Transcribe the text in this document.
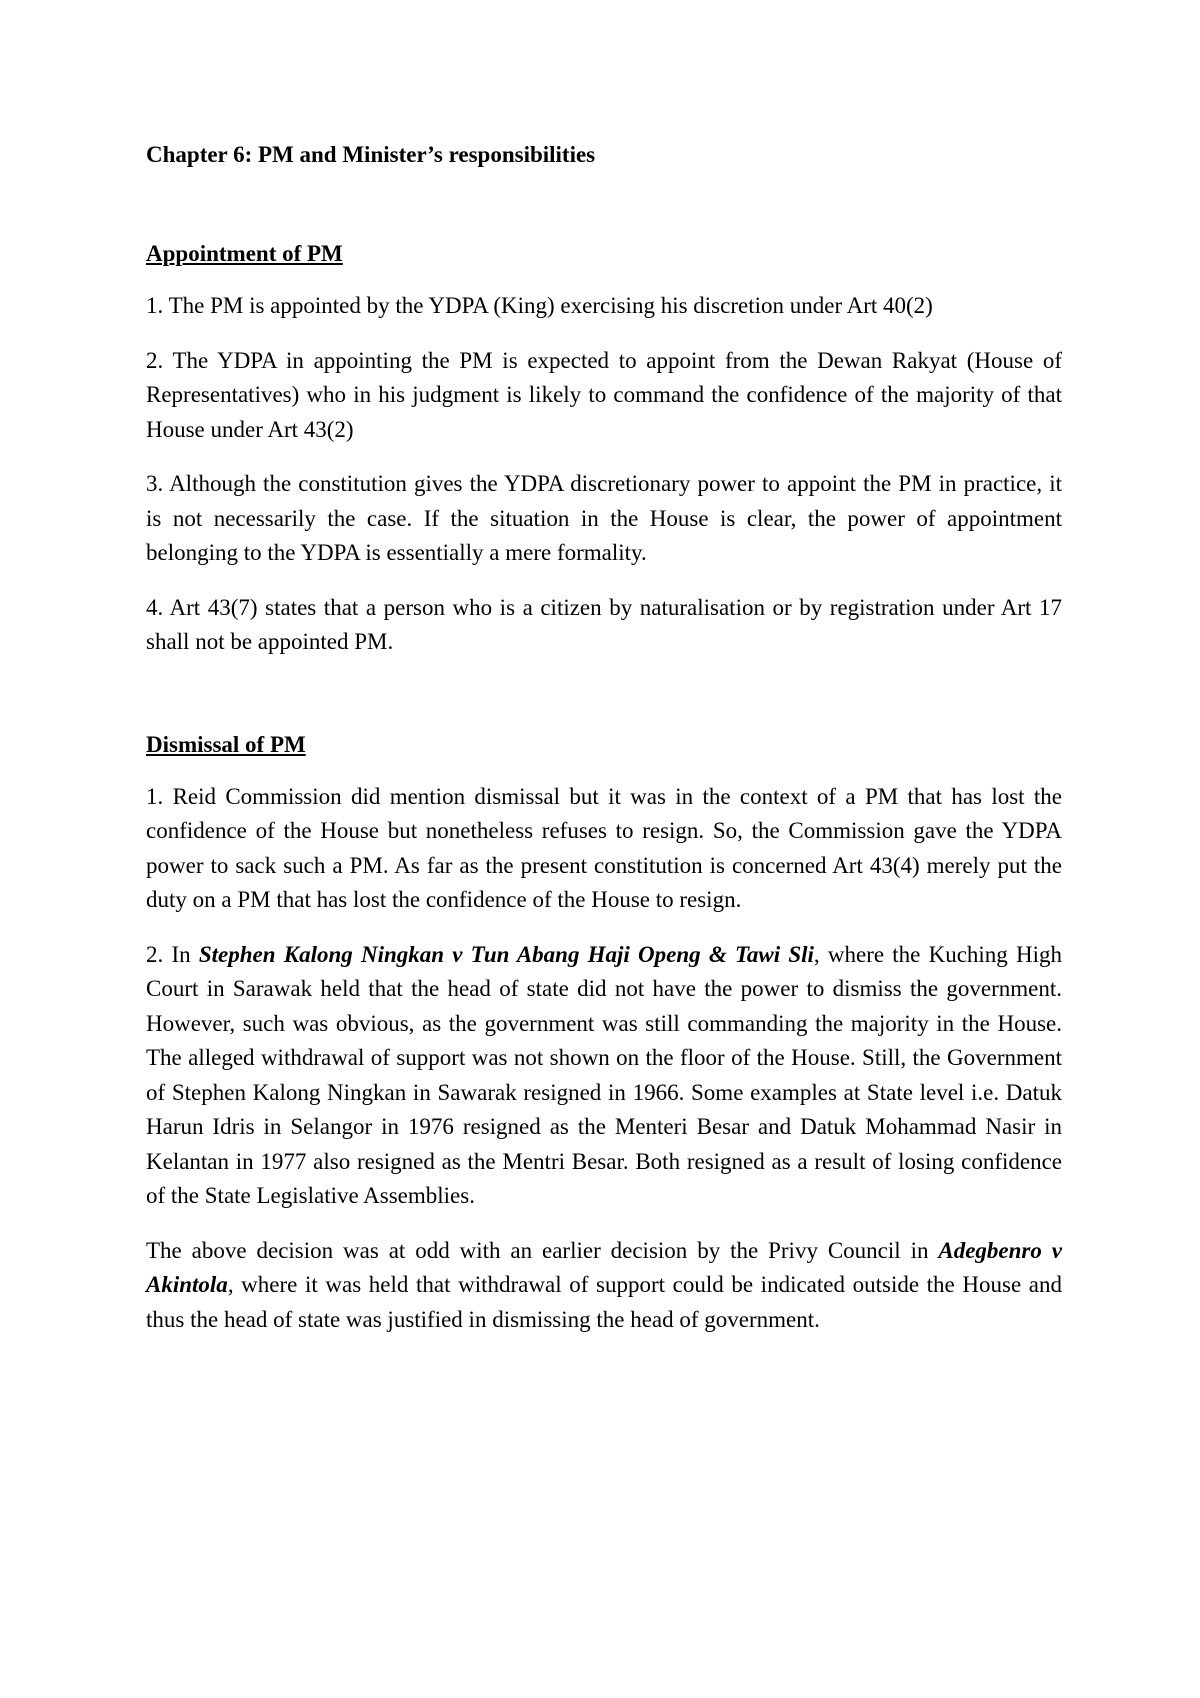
Chapter 6: PM and Minister’s responsibilities
Appointment of PM

1. The PM is appointed by the YDPA (King) exercising his discretion under Art 40(2)

2. The YDPA in appointing the PM is expected to appoint from the Dewan Rakyat (House of Representatives) who in his judgment is likely to command the confidence of the majority of that House under Art 43(2)

3. Although the constitution gives the YDPA discretionary power to appoint the PM in practice, it is not necessarily the case. If the situation in the House is clear, the power of appointment belonging to the YDPA is essentially a mere formality.

4. Art 43(7) states that a person who is a citizen by naturalisation or by registration under Art 17 shall not be appointed PM.

Dismissal of PM

1. Reid Commission did mention dismissal but it was in the context of a PM that has lost the confidence of the House but nonetheless refuses to resign. So, the Commission gave the YDPA power to sack such a PM. As far as the present constitution is concerned Art 43(4) merely put the duty on a PM that has lost the confidence of the House to resign.

2. In Stephen Kalong Ningkan v Tun Abang Haji Openg & Tawi Sli, where the Kuching High Court in Sarawak held that the head of state did not have the power to dismiss the government. However, such was obvious, as the government was still commanding the majority in the House. The alleged withdrawal of support was not shown on the floor of the House. Still, the Government of Stephen Kalong Ningkan in Sawarak resigned in 1966. Some examples at State level i.e. Datuk Harun Idris in Selangor in 1976 resigned as the Menteri Besar and Datuk Mohammad Nasir in Kelantan in 1977 also resigned as the Mentri Besar. Both resigned as a result of losing confidence of the State Legislative Assemblies.

The above decision was at odd with an earlier decision by the Privy Council in Adegbenro v Akintola, where it was held that withdrawal of support could be indicated outside the House and thus the head of state was justified in dismissing the head of government.
